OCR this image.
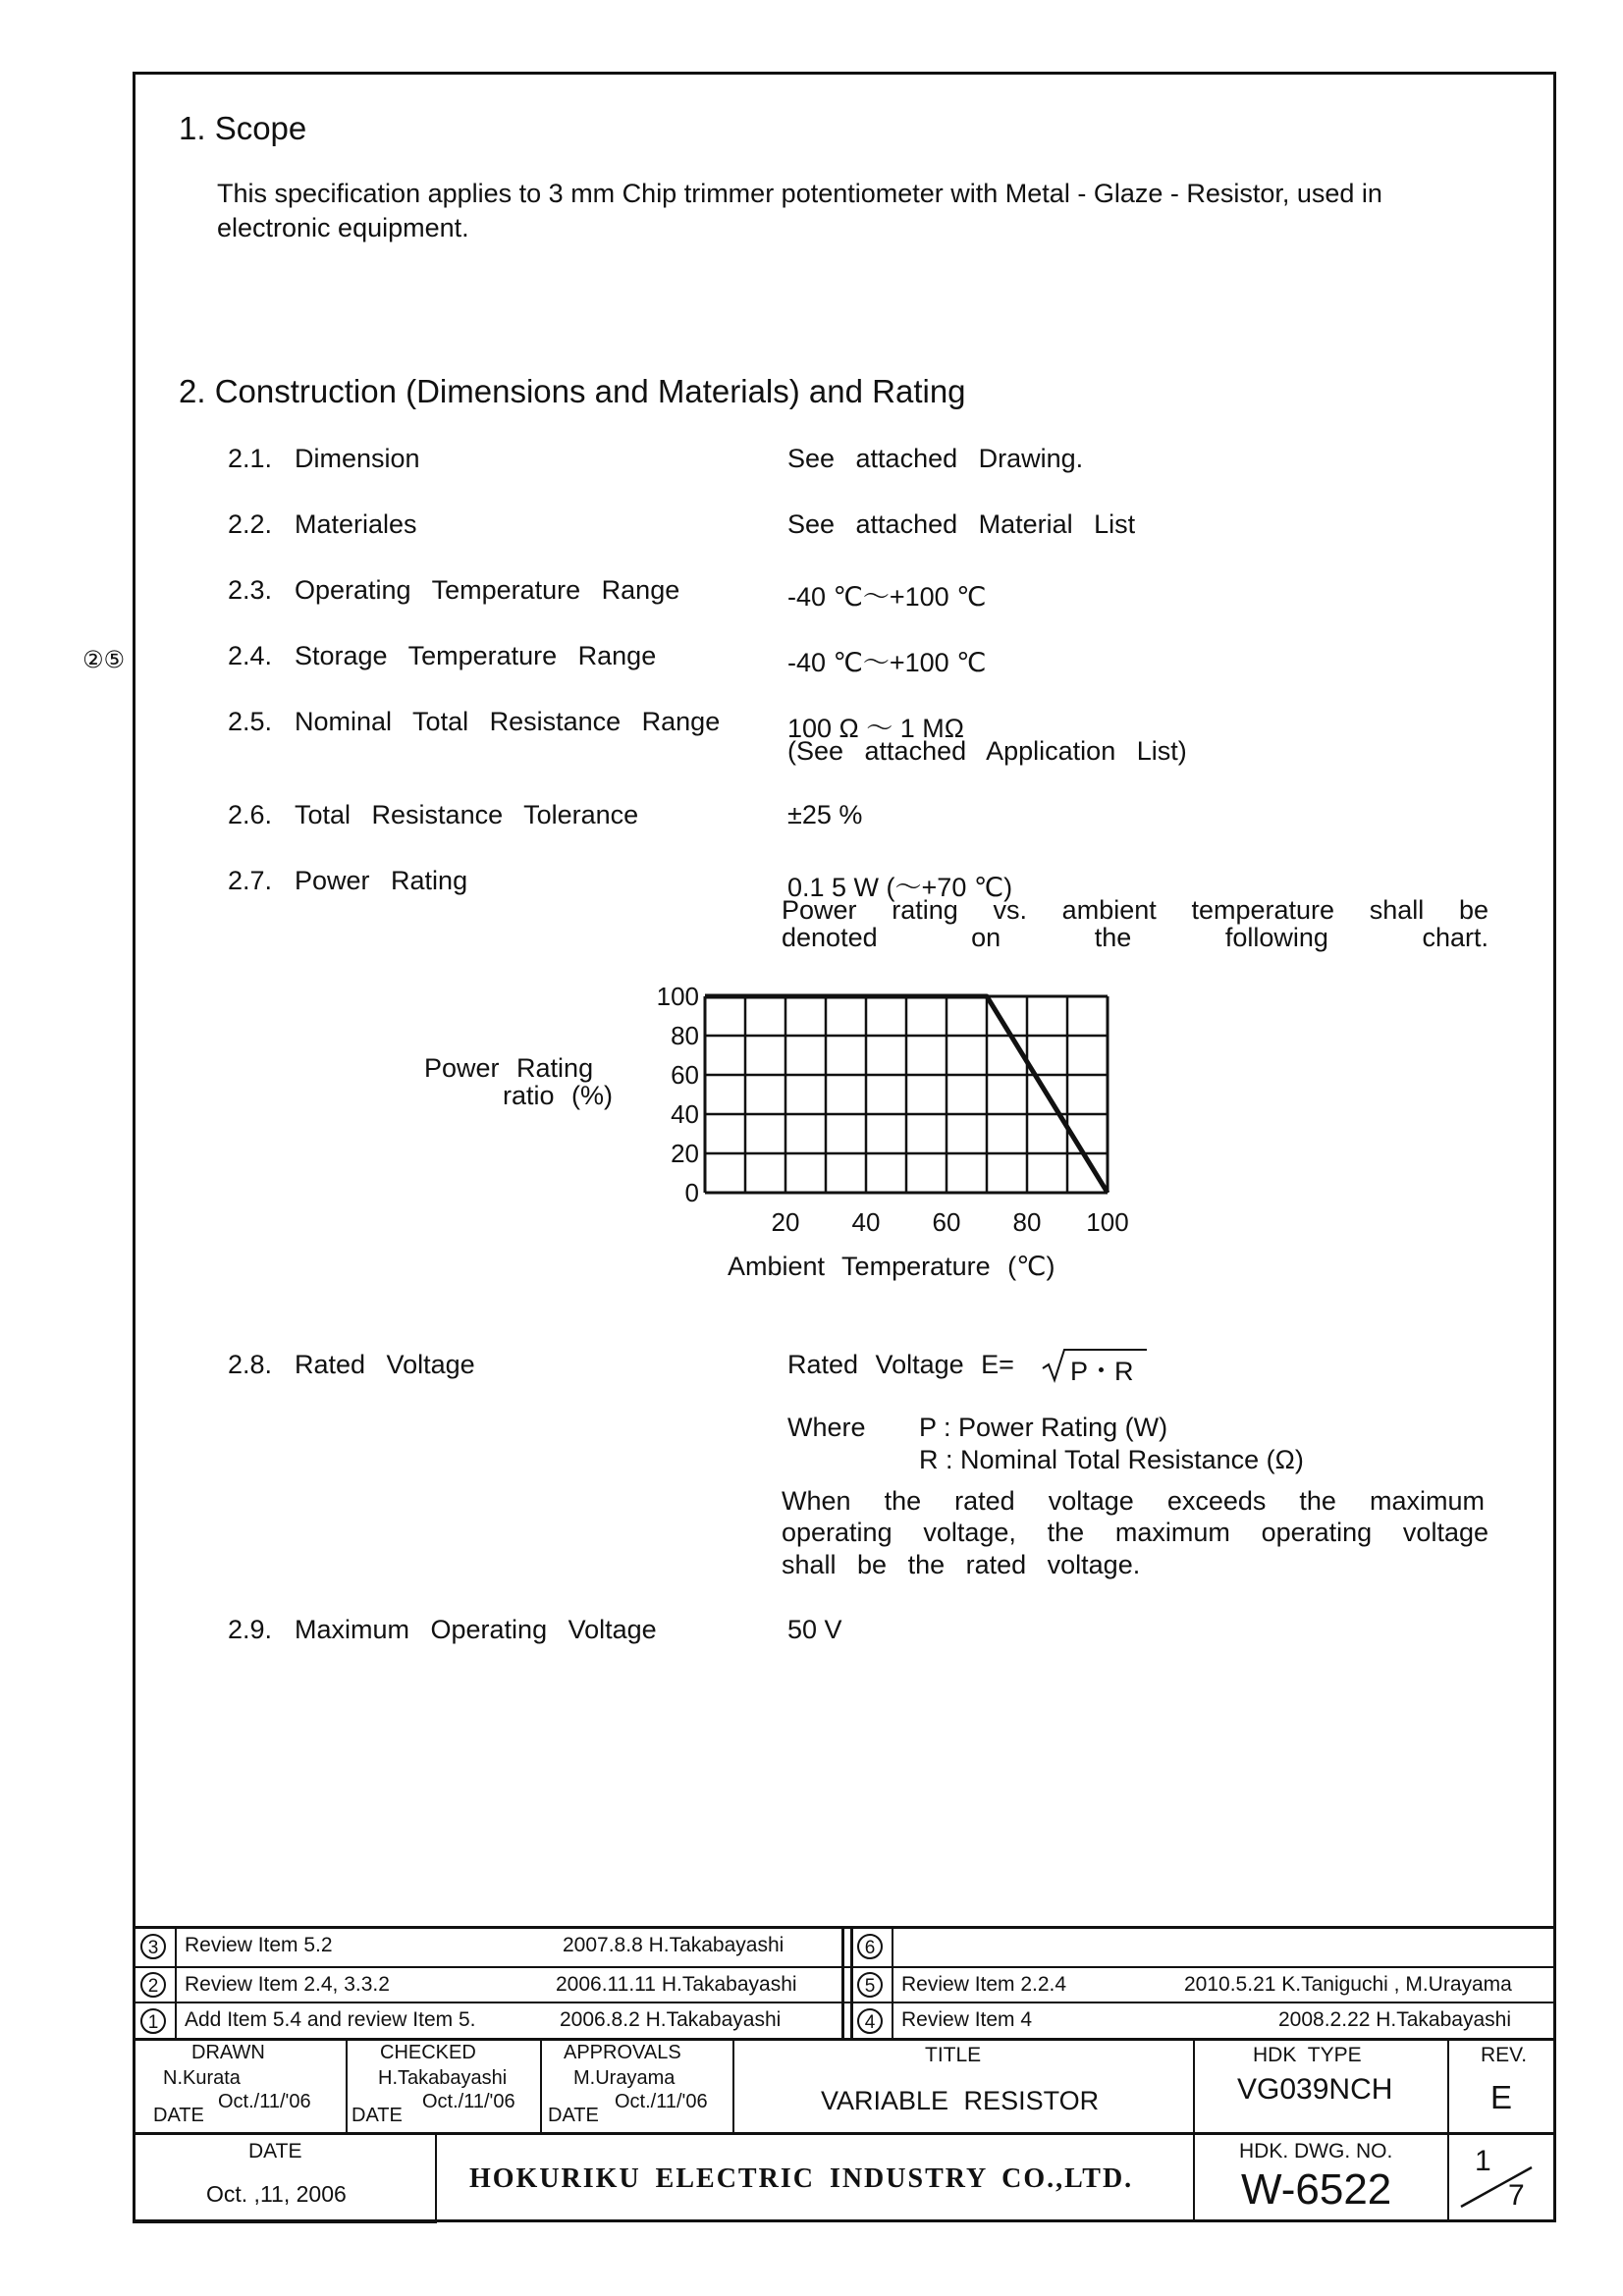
1. Scope
This specification applies to 3 mm Chip trimmer potentiometer with Metal - Glaze - Resistor, used in
electronic equipment.
2. Construction (Dimensions and Materials) and Rating
②⑤
2.1. Dimension	See attached Drawing.
2.2. Materiales	See attached Material List
2.3. Operating Temperature Range	-40 ℃～+100 ℃
2.4. Storage Temperature Range	-40 ℃～+100 ℃
2.5. Nominal Total Resistance Range	100 Ω ～ 1 MΩ
(See attached Application List)
2.6. Total Resistance Tolerance	±25 %
2.7. Power Rating	0.1 5 W (～+70 ℃)
Power rating vs. ambient temperature shall be
denoted on the following chart.
Power Rating
ratio (%)
100
80
60
40
20
0
20 40 60 80 100
Ambient Temperature (℃)
2.8. Rated Voltage	Rated Voltage E= P・R
Where P : Power Rating (W)
R : Nominal Total Resistance (Ω)
When the rated voltage exceeds the maximum
operating voltage, the maximum operating voltage
shall be the rated voltage.
2.9. Maximum Operating Voltage	50 V
3	Review Item 5.2	2007.8.8 H.Takabayashi
2	Review Item 2.4, 3.3.2	2006.11.11 H.Takabayashi
1	Add Item 5.4 and review Item 5.	2006.8.2 H.Takabayashi
6
5	Review Item 2.2.4	2010.5.21 K.Taniguchi , M.Urayama
4	Review Item 4	2008.2.22 H.Takabayashi
DRAWN
N.Kurata
DATE
Oct./11/'06
CHECKED
H.Takabayashi
DATE
Oct./11/'06
APPROVALS
M.Urayama
DATE
Oct./11/'06
TITLE
VARIABLE RESISTOR
HDK TYPE
VG039NCH
REV.
E
DATE
Oct. ,11, 2006	HOKURIKU ELECTRIC INDUSTRY CO.,LTD.
HDK. DWG. NO.
W-6522
1
7
